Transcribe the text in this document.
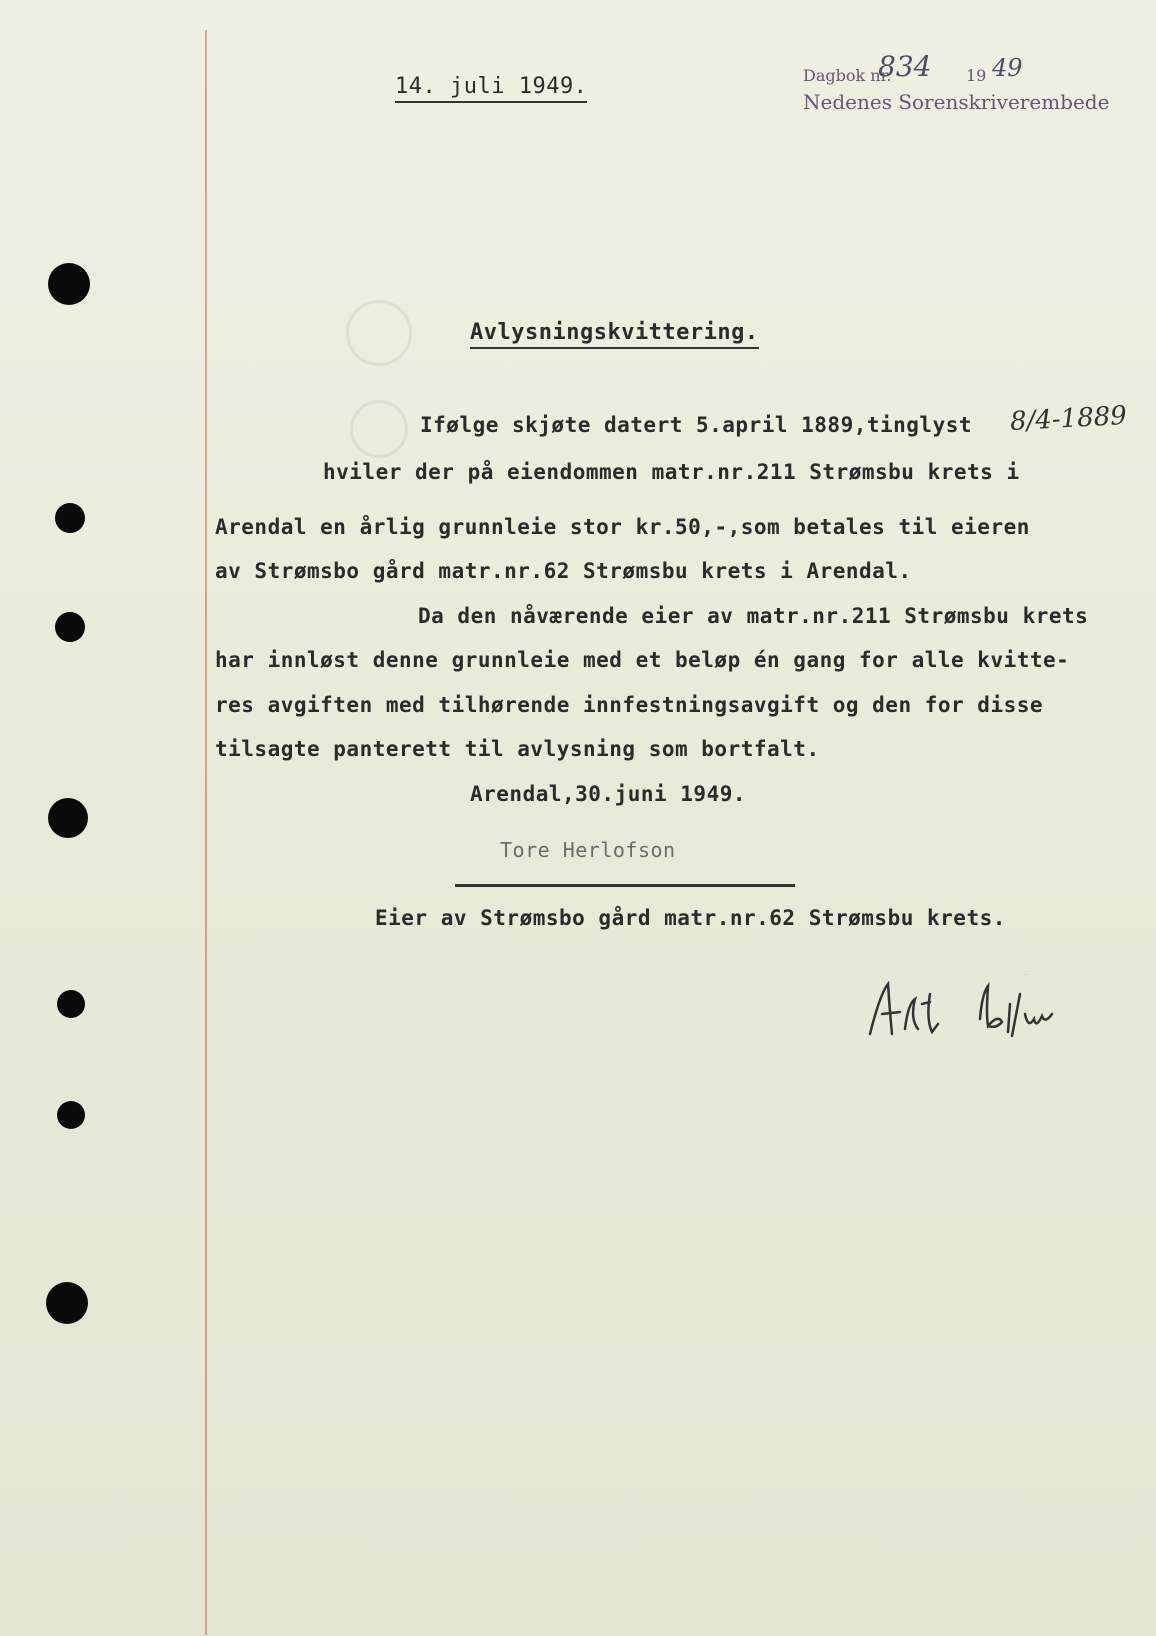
14. juli 1949.	Dagbok nr.
834 19 49
Nedenes Sorenskriverembede
Avlysningskvittering.
Ifølge skjøte datert 5.april 1889,tinglyst
hviler der på eiendommen matr.nr.211 Strømsbu krets i
Arendal en årlig grunnleie stor kr.50,-,som betales til eieren
av Strømsbo gård matr.nr.62 Strømsbu krets i Arendal.
Da den nåværende eier av matr.nr.211 Strømsbu krets
har innløst denne grunnleie med et beløp én gang for alle kvitte-
res avgiften med tilhørende innfestningsavgift og den for disse
tilsagte panterett til avlysning som bortfalt.
Arendal,30.juni 1949.
8/4-1889
Tore Herlofson
Eier av Strømsbo gård matr.nr.62 Strømsbu krets.
